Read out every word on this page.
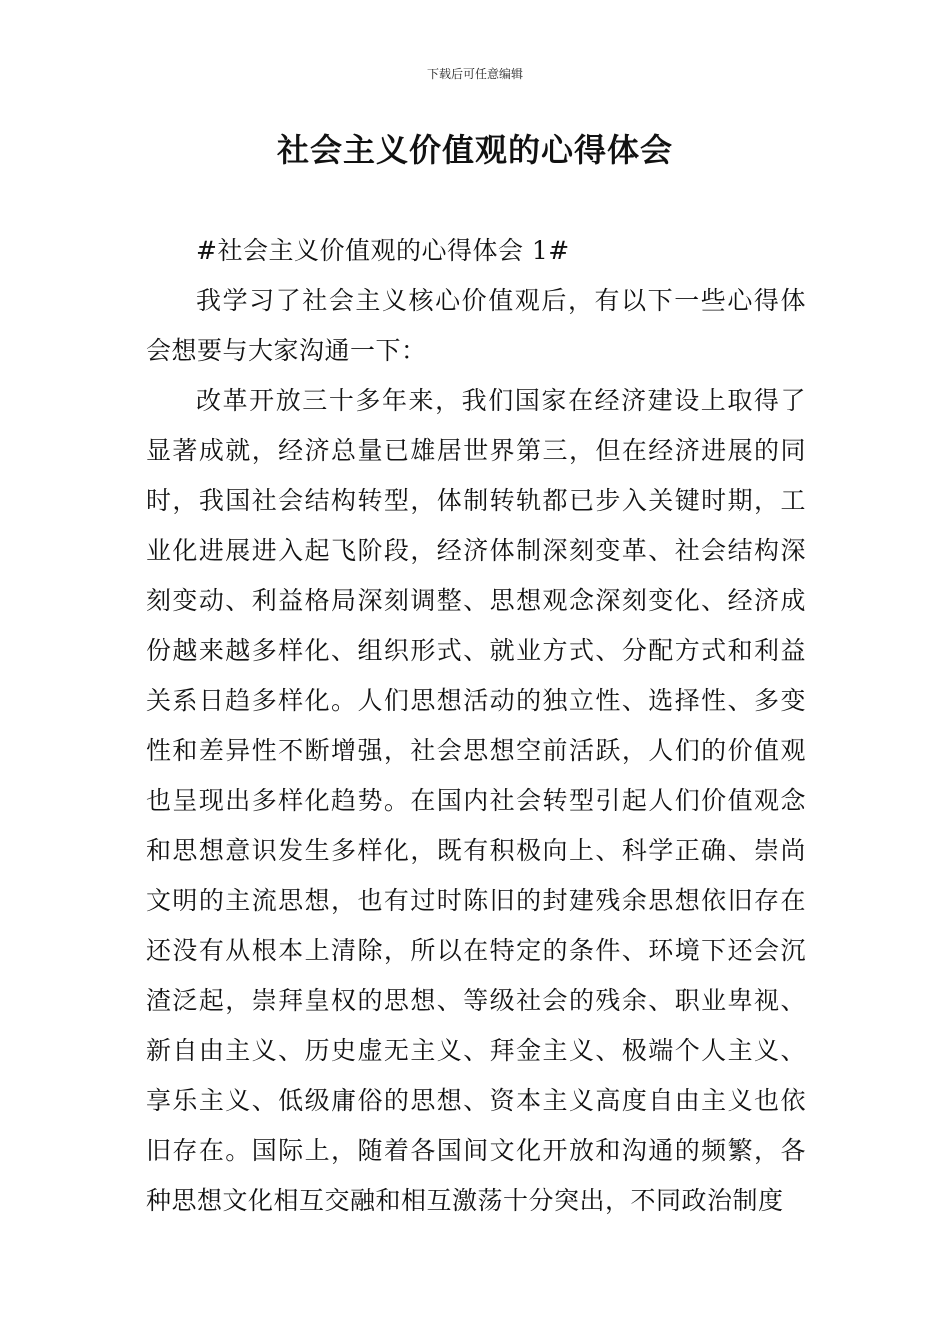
下载后可任意编辑
社会主义价值观的心得体会

#社会主义价值观的心得体会 1#

我学习了社会主义核心价值观后，有以下一些心得体会想要与大家沟通一下：

改革开放三十多年来，我们国家在经济建设上取得了显著成就，经济总量已雄居世界第三，但在经济进展的同时，我国社会结构转型，体制转轨都已步入关键时期，工业化进展进入起飞阶段，经济体制深刻变革、社会结构深刻变动、利益格局深刻调整、思想观念深刻变化、经济成份越来越多样化、组织形式、就业方式、分配方式和利益关系日趋多样化。人们思想活动的独立性、选择性、多变性和差异性不断增强，社会思想空前活跃，人们的价值观也呈现出多样化趋势。在国内社会转型引起人们价值观念和思想意识发生多样化，既有积极向上、科学正确、崇尚文明的主流思想，也有过时陈旧的封建残余思想依旧存在还没有从根本上清除，所以在特定的条件、环境下还会沉渣泛起，崇拜皇权的思想、等级社会的残余、职业卑视、新自由主义、历史虚无主义、拜金主义、极端个人主义、享乐主义、低级庸俗的思想、资本主义高度自由主义也依旧存在。国际上，随着各国间文化开放和沟通的频繁，各种思想文化相互交融和相互激荡十分突出，不同政治制度
